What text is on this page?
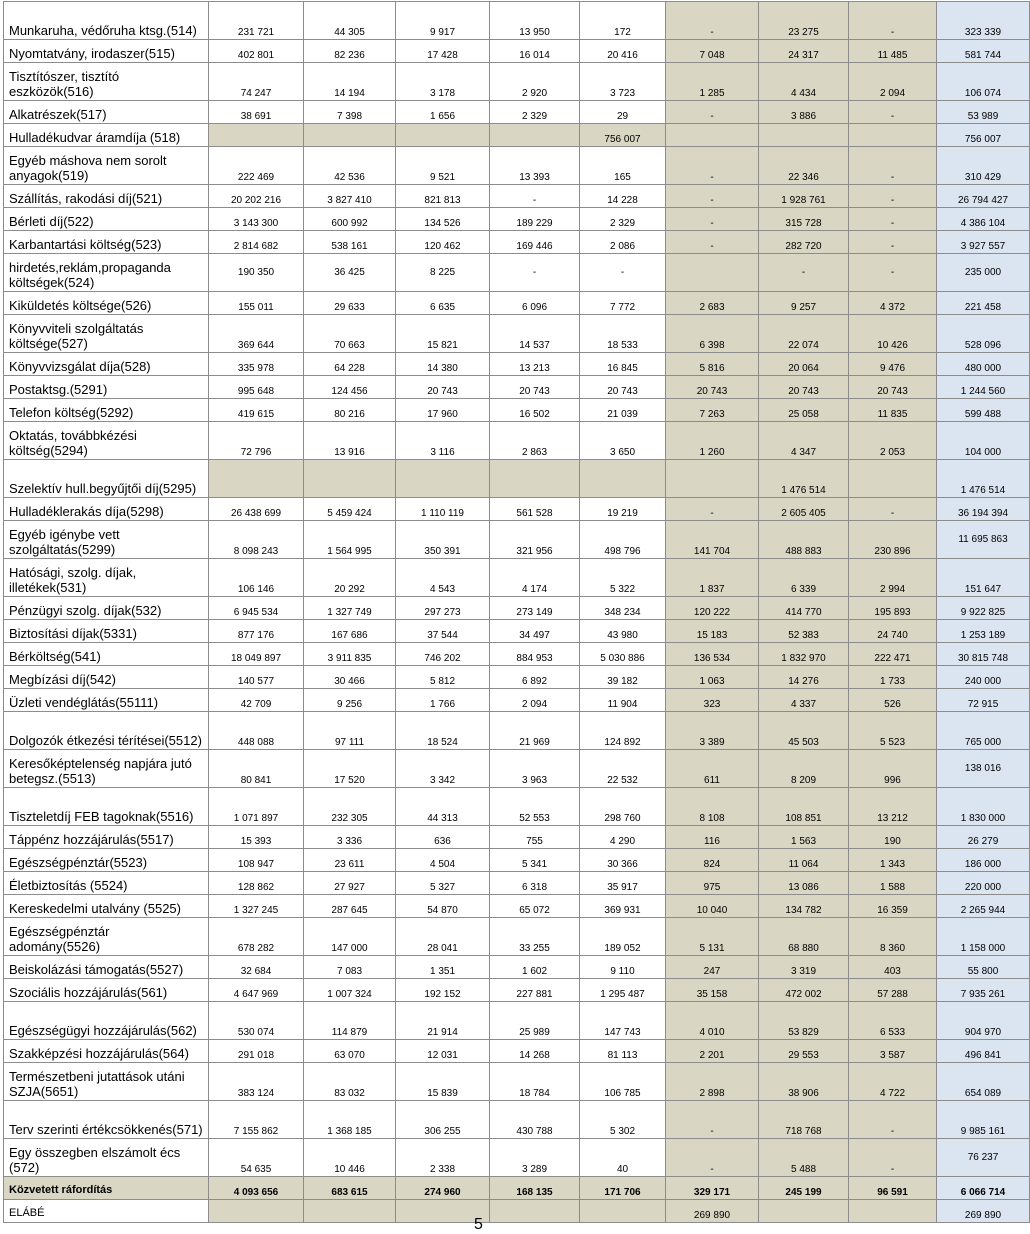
Munkaruha, védőruha ktsg.(514)	231 721	44 305	9 917	13 950	172	-	23 275	-	323 339
Nyomtatvány, irodaszer(515)	402 801	82 236	17 428	16 014	20 416	7 048	24 317	11 485	581 744
Tisztítószer, tisztító eszközök(516)	74 247	14 194	3 178	2 920	3 723	1 285	4 434	2 094	106 074
Alkatrészek(517)	38 691	7 398	1 656	2 329	29	-	3 886	-	53 989
Hulladékudvar áramdíja (518)					756 007				756 007
Egyéb máshova nem sorolt anyagok(519)	222 469	42 536	9 521	13 393	165	-	22 346	-	310 429
Szállítás, rakodási díj(521)	20 202 216	3 827 410	821 813	-	14 228	-	1 928 761	-	26 794 427
Bérleti díj(522)	3 143 300	600 992	134 526	189 229	2 329	-	315 728	-	4 386 104
Karbantartási költség(523)	2 814 682	538 161	120 462	169 446	2 086	-	282 720	-	3 927 557
hirdetés,reklám,propaganda költségek(524)	190 350	36 425	8 225	-	-		-	-	235 000
Kiküldetés költsége(526)	155 011	29 633	6 635	6 096	7 772	2 683	9 257	4 372	221 458
Könyvviteli szolgáltatás költsége(527)	369 644	70 663	15 821	14 537	18 533	6 398	22 074	10 426	528 096
Könyvvizsgálat díja(528)	335 978	64 228	14 380	13 213	16 845	5 816	20 064	9 476	480 000
Postaktsg.(5291)	995 648	124 456	20 743	20 743	20 743	20 743	20 743	20 743	1 244 560
Telefon költség(5292)	419 615	80 216	17 960	16 502	21 039	7 263	25 058	11 835	599 488
Oktatás, továbbkézési költség(5294)	72 796	13 916	3 116	2 863	3 650	1 260	4 347	2 053	104 000
Szelektív hull.begyűjtői díj(5295)							1 476 514		1 476 514
Hulladéklerakás díja(5298)	26 438 699	5 459 424	1 110 119	561 528	19 219	-	2 605 405	-	36 194 394
Egyéb igénybe vett szolgáltatás(5299)	8 098 243	1 564 995	350 391	321 956	498 796	141 704	488 883	230 896	11 695 863
Hatósági, szolg. díjak, illetékek(531)	106 146	20 292	4 543	4 174	5 322	1 837	6 339	2 994	151 647
Pénzügyi szolg. díjak(532)	6 945 534	1 327 749	297 273	273 149	348 234	120 222	414 770	195 893	9 922 825
Biztosítási díjak(5331)	877 176	167 686	37 544	34 497	43 980	15 183	52 383	24 740	1 253 189
Bérköltség(541)	18 049 897	3 911 835	746 202	884 953	5 030 886	136 534	1 832 970	222 471	30 815 748
Megbízási díj(542)	140 577	30 466	5 812	6 892	39 182	1 063	14 276	1 733	240 000
Üzleti vendéglátás(55111)	42 709	9 256	1 766	2 094	11 904	323	4 337	526	72 915
Dolgozók étkezési térítései(5512)	448 088	97 111	18 524	21 969	124 892	3 389	45 503	5 523	765 000
Keresőképtelenség napjára jutó betegsz.(5513)	80 841	17 520	3 342	3 963	22 532	611	8 209	996	138 016
Tiszteletdíj FEB tagoknak(5516)	1 071 897	232 305	44 313	52 553	298 760	8 108	108 851	13 212	1 830 000
Táppénz hozzájárulás(5517)	15 393	3 336	636	755	4 290	116	1 563	190	26 279
Egészségpénztár(5523)	108 947	23 611	4 504	5 341	30 366	824	11 064	1 343	186 000
Életbiztosítás (5524)	128 862	27 927	5 327	6 318	35 917	975	13 086	1 588	220 000
Kereskedelmi utalvány (5525)	1 327 245	287 645	54 870	65 072	369 931	10 040	134 782	16 359	2 265 944
Egészségpénztár adomány(5526)	678 282	147 000	28 041	33 255	189 052	5 131	68 880	8 360	1 158 000
Beiskolázási támogatás(5527)	32 684	7 083	1 351	1 602	9 110	247	3 319	403	55 800
Szociális hozzájárulás(561)	4 647 969	1 007 324	192 152	227 881	1 295 487	35 158	472 002	57 288	7 935 261
Egészségügyi hozzájárulás(562)	530 074	114 879	21 914	25 989	147 743	4 010	53 829	6 533	904 970
Szakképzési hozzájárulás(564)	291 018	63 070	12 031	14 268	81 113	2 201	29 553	3 587	496 841
Természetbeni jutattások utáni SZJA(5651)	383 124	83 032	15 839	18 784	106 785	2 898	38 906	4 722	654 089
Terv szerinti értékcsökkenés(571)	7 155 862	1 368 185	306 255	430 788	5 302	-	718 768	-	9 985 161
Egy összegben elszámolt écs (572)	54 635	10 446	2 338	3 289	40	-	5 488	-	76 237
Közvetett ráfordítás	4 093 656	683 615	274 960	168 135	171 706	329 171	245 199	96 591	6 066 714
ELÁBÉ						269 890			269 890
5
